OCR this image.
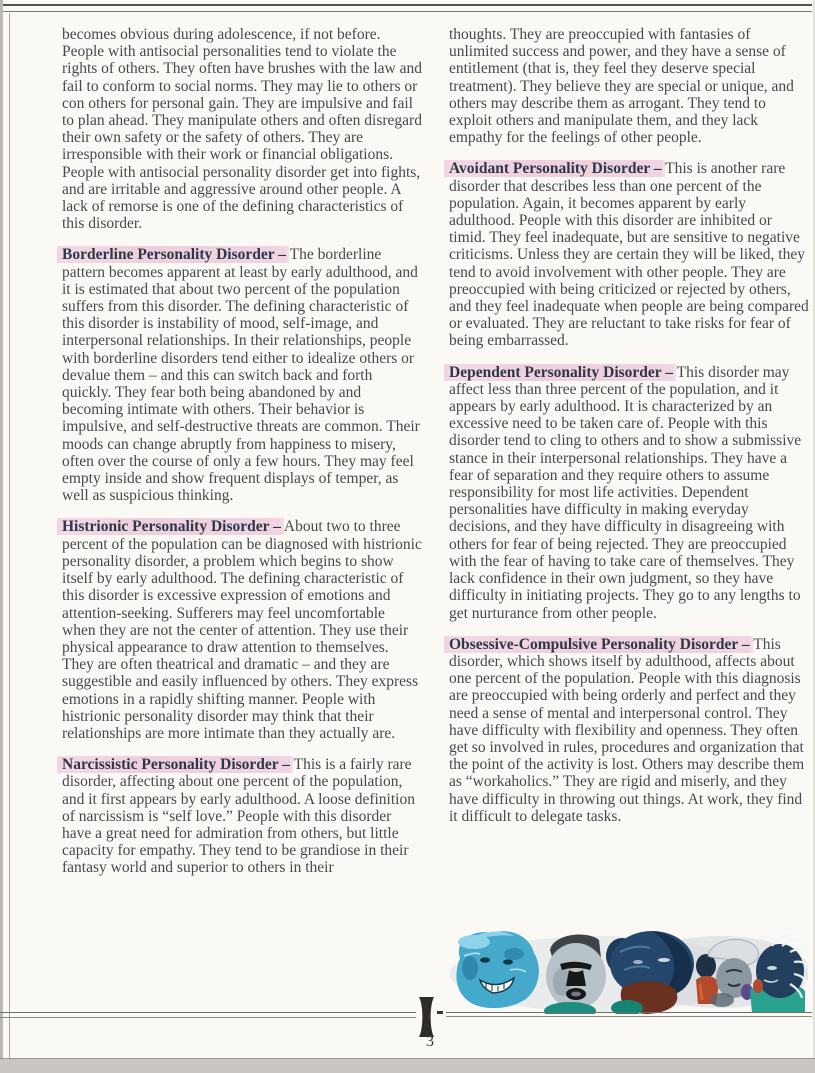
becomes obvious during adolescence, if not before. People with antisocial personalities tend to violate the rights of others. They often have brushes with the law and fail to conform to social norms. They may lie to others or con others for personal gain. They are impulsive and fail to plan ahead. They manipulate others and often disregard their own safety or the safety of others. They are irresponsible with their work or financial obligations. People with antisocial personality disorder get into fights, and are irritable and aggressive around other people. A lack of remorse is one of the defining characteristics of this disorder.

Borderline Personality Disorder – The borderline pattern becomes apparent at least by early adulthood, and it is estimated that about two percent of the population suffers from this disorder. The defining characteristic of this disorder is instability of mood, self-image, and interpersonal relationships. In their relationships, people with borderline disorders tend either to idealize others or devalue them – and this can switch back and forth quickly. They fear both being abandoned by and becoming intimate with others. Their behavior is impulsive, and self-destructive threats are common. Their moods can change abruptly from happiness to misery, often over the course of only a few hours. They may feel empty inside and show frequent displays of temper, as well as suspicious thinking.

Histrionic Personality Disorder – About two to three percent of the population can be diagnosed with histrionic personality disorder, a problem which begins to show itself by early adulthood. The defining characteristic of this disorder is excessive expression of emotions and attention-seeking. Sufferers may feel uncomfortable when they are not the center of attention. They use their physical appearance to draw attention to themselves. They are often theatrical and dramatic – and they are suggestible and easily influenced by others. They express emotions in a rapidly shifting manner. People with histrionic personality disorder may think that their relationships are more intimate than they actually are.

Narcissistic Personality Disorder – This is a fairly rare disorder, affecting about one percent of the population, and it first appears by early adulthood. A loose definition of narcissism is “self love.” People with this disorder have a great need for admiration from others, but little capacity for empathy. They tend to be grandiose in their fantasy world and superior to others in their

thoughts. They are preoccupied with fantasies of unlimited success and power, and they have a sense of entitlement (that is, they feel they deserve special treatment). They believe they are special or unique, and others may describe them as arrogant. They tend to exploit others and manipulate them, and they lack empathy for the feelings of other people.

Avoidant Personality Disorder – This is another rare disorder that describes less than one percent of the population. Again, it becomes apparent by early adulthood. People with this disorder are inhibited or timid. They feel inadequate, but are sensitive to negative criticisms. Unless they are certain they will be liked, they tend to avoid involvement with other people. They are preoccupied with being criticized or rejected by others, and they feel inadequate when people are being compared or evaluated. They are reluctant to take risks for fear of being embarrassed.

Dependent Personality Disorder – This disorder may affect less than three percent of the population, and it appears by early adulthood. It is characterized by an excessive need to be taken care of. People with this disorder tend to cling to others and to show a submissive stance in their interpersonal relationships. They have a fear of separation and they require others to assume responsibility for most life activities. Dependent personalities have difficulty in making everyday decisions, and they have difficulty in disagreeing with others for fear of being rejected. They are preoccupied with the fear of having to take care of themselves. They lack confidence in their own judgment, so they have difficulty in initiating projects. They go to any lengths to get nurturance from other people.

Obsessive-Compulsive Personality Disorder – This disorder, which shows itself by adulthood, affects about one percent of the population. People with this diagnosis are preoccupied with being orderly and perfect and they need a sense of mental and interpersonal control. They have difficulty with flexibility and openness. They often get so involved in rules, procedures and organization that the point of the activity is lost. Others may describe them as “workaholics.” They are rigid and miserly, and they have difficulty in throwing out things. At work, they find it difficult to delegate tasks.

3
